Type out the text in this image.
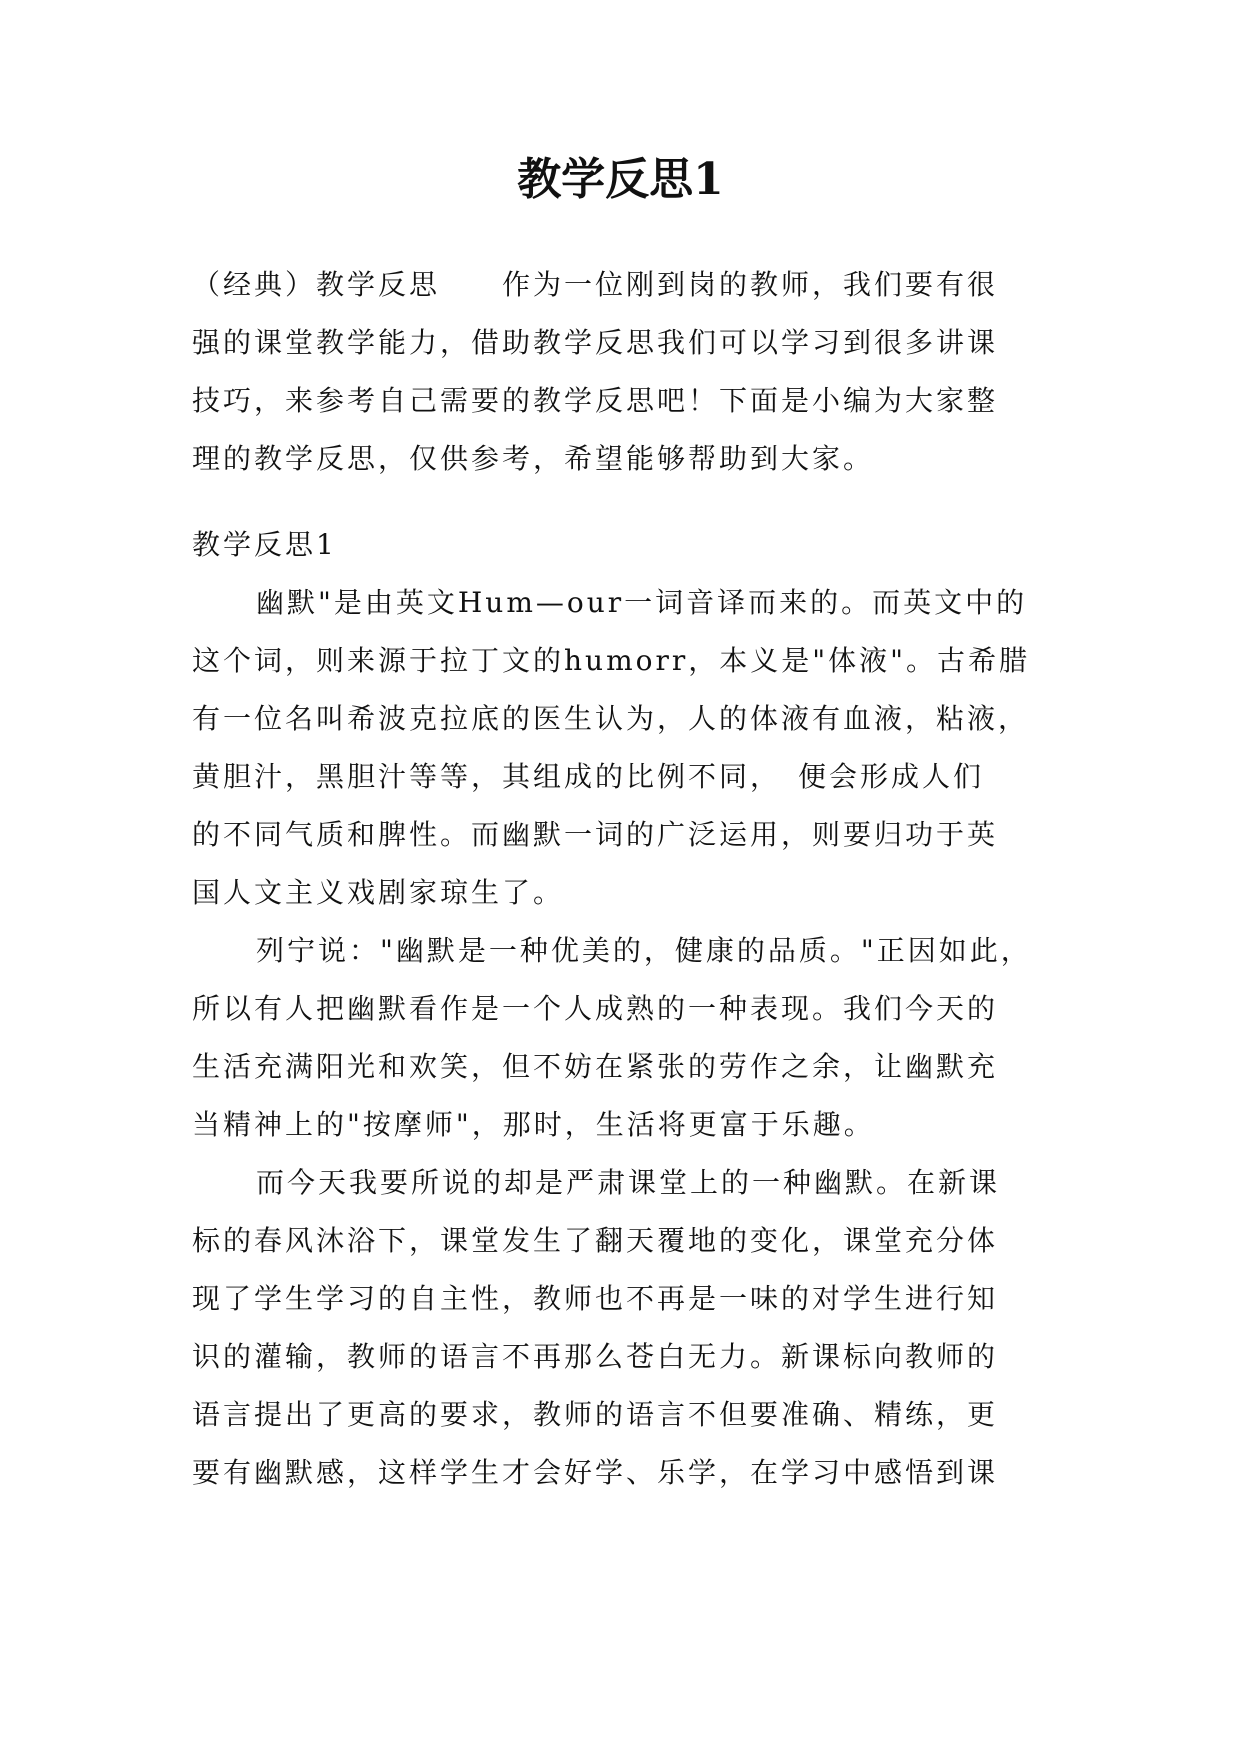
教学反思1
（经典）教学反思　　作为一位刚到岗的教师，我们要有很
强的课堂教学能力，借助教学反思我们可以学习到很多讲课
技巧，来参考自己需要的教学反思吧！下面是小编为大家整
理的教学反思，仅供参考，希望能够帮助到大家。
教学反思1
幽默"是由英文Hum—our一词音译而来的。而英文中的
这个词，则来源于拉丁文的humorr，本义是"体液"。古希腊
有一位名叫希波克拉底的医生认为，人的体液有血液，粘液，
黄胆汁，黑胆汁等等，其组成的比例不同，　便会形成人们
的不同气质和脾性。而幽默一词的广泛运用，则要归功于英
国人文主义戏剧家琼生了。
列宁说："幽默是一种优美的，健康的品质。"正因如此，
所以有人把幽默看作是一个人成熟的一种表现。我们今天的
生活充满阳光和欢笑，但不妨在紧张的劳作之余，让幽默充
当精神上的"按摩师"，那时，生活将更富于乐趣。
而今天我要所说的却是严肃课堂上的一种幽默。在新课
标的春风沐浴下，课堂发生了翻天覆地的变化，课堂充分体
现了学生学习的自主性，教师也不再是一味的对学生进行知
识的灌输，教师的语言不再那么苍白无力。新课标向教师的
语言提出了更高的要求，教师的语言不但要准确、精练，更
要有幽默感，这样学生才会好学、乐学，在学习中感悟到课
